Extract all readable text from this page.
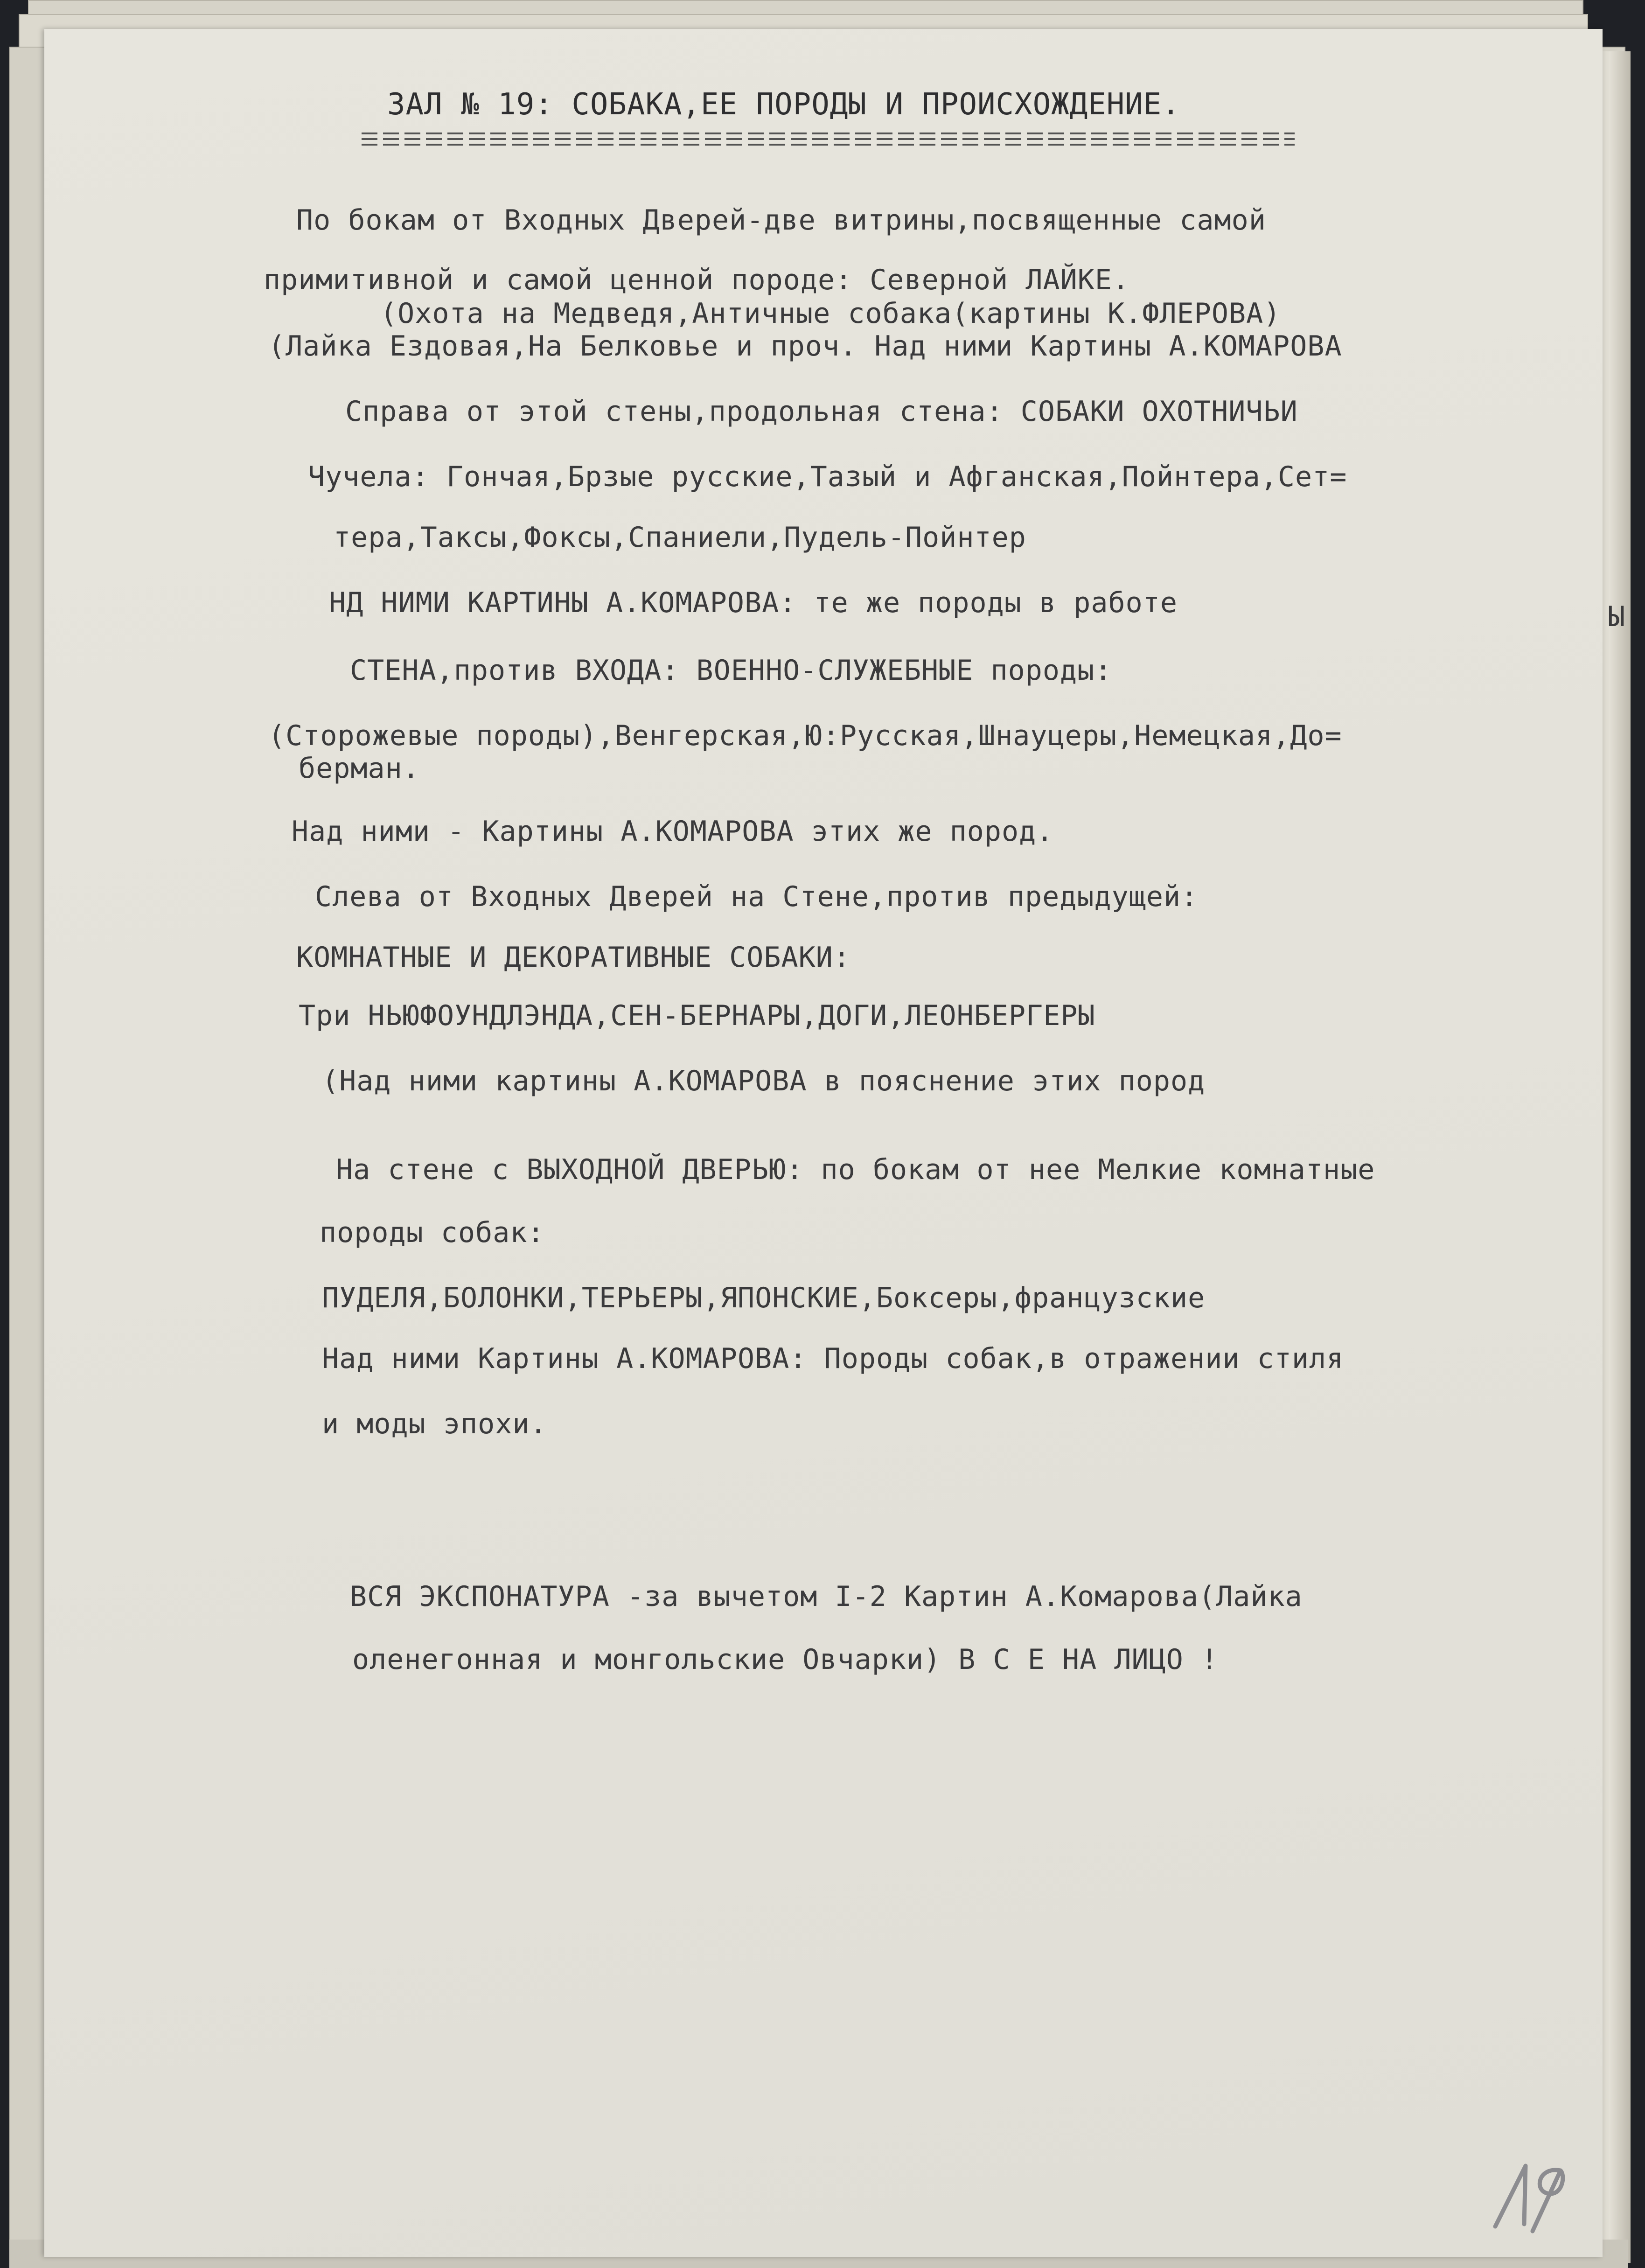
ЗАЛ № 19: СОБАКА,ЕЕ ПОРОДЫ И ПРОИСХОЖДЕНИЕ.
По бокам от Входных Дверей-две витрины,посвященные самой
примитивной и самой ценной породе: Северной ЛАЙКЕ.
(Охота на Медведя,Античные собака(картины К.ФЛЕРОВА)
(Лайка Ездовая,На Белковье и проч. Над ними Картины А.КОМАРОВА
Справа от этой стены,продольная стена: СОБАКИ ОХОТНИЧЬИ
Чучела: Гончая,Брзые русские,Тазый и Афганская,Пойнтера,Сет=
тера,Таксы,Фоксы,Спаниели,Пудель-Пойнтер
НД НИМИ КАРТИНЫ А.КОМАРОВА: те же породы в работе
СТЕНА,против ВХОДА: ВОЕННО-СЛУЖЕБНЫЕ породы:
(Сторожевые породы),Венгерская,Ю:Русская,Шнауцеры,Немецкая,До=
берман.
Над ними - Картины А.КОМАРОВА этих же пород.
Слева от Входных Дверей на Стене,против предыдущей:
КОМНАТНЫЕ И ДЕКОРАТИВНЫЕ СОБАКИ:
Три НЬЮФОУНДЛЭНДА,СЕН-БЕРНАРЫ,ДОГИ,ЛЕОНБЕРГЕРЫ
(Над ними картины А.КОМАРОВА в пояснение этих пород
На стене с ВЫХОДНОЙ ДВЕРЬЮ: по бокам от нее Мелкие комнатные
породы собак:
ПУДЕЛЯ,БОЛОНКИ,ТЕРЬЕРЫ,ЯПОНСКИЕ,Боксеры,французские
Над ними Картины А.КОМАРОВА: Породы собак,в отражении стиля
и моды эпохи.
ВСЯ ЭКСПОНАТУРА -за вычетом I-2 Картин А.Комарова(Лайка
оленегонная и монгольские Овчарки) В С Е НА ЛИЦО !
Ы
